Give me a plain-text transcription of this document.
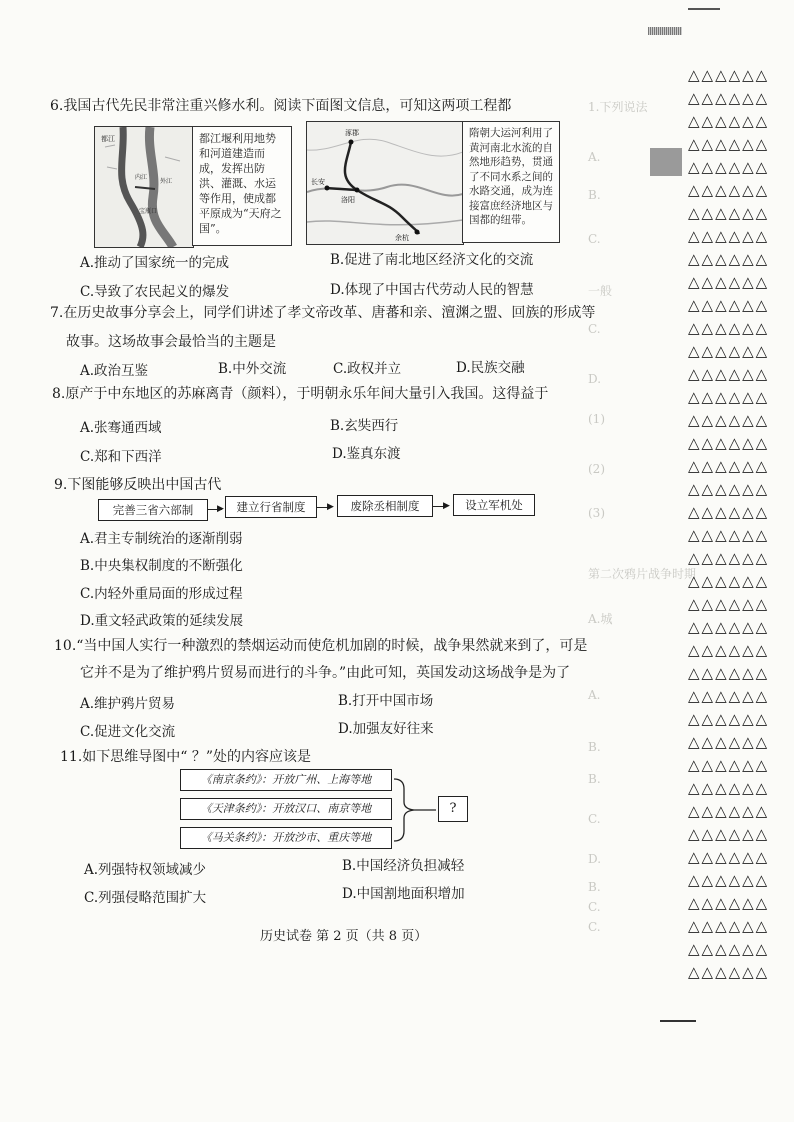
1.下列说法
A.
B.
C.
一般
C.
D.
(1)
(2)
(3)
第二次鸦片战争时期
A.城
A.
B.
B.
C.
D.
B.
C.
C.
△△△△△△
△△△△△△
△△△△△△
△△△△△△
△△△△△△
△△△△△△
△△△△△△
△△△△△△
△△△△△△
△△△△△△
△△△△△△
△△△△△△
△△△△△△
△△△△△△
△△△△△△
△△△△△△
△△△△△△
△△△△△△
△△△△△△
△△△△△△
△△△△△△
△△△△△△
△△△△△△
△△△△△△
△△△△△△
△△△△△△
△△△△△△
△△△△△△
△△△△△△
△△△△△△
△△△△△△
△△△△△△
△△△△△△
△△△△△△
△△△△△△
△△△△△△
△△△△△△
△△△△△△
△△△△△△
△△△△△△
6.我国古代先民非常注重兴修水利。阅读下面图文信息，可知这两项工程都
都江
内江
外江
宝瓶口
都江堰利用地势和河道建造而成，发挥出防洪、灌溉、水运等作用，使成都平原成为“天府之国”。
涿郡
长安
洛阳
余杭
隋朝大运河利用了黄河南北水流的自然地形趋势，贯通了不同水系之间的水路交通，成为连接富庶经济地区与国都的纽带。
A.推动了国家统一的完成	B.促进了南北地区经济文化的交流
C.导致了农民起义的爆发	D.体现了中国古代劳动人民的智慧
7.在历史故事分享会上，同学们讲述了孝文帝改革、唐蕃和亲、澶渊之盟、回族的形成等
故事。这场故事会最恰当的主题是
A.政治互鉴	B.中外交流	C.政权并立	D.民族交融
8.原产于中东地区的苏麻离青（颜料），于明朝永乐年间大量引入我国。这得益于
A.张骞通西域	B.玄奘西行
C.郑和下西洋	D.鉴真东渡
9.下图能够反映出中国古代
完善三省六部制	▶	建立行省制度	▶	废除丞相制度	▶	设立军机处
A.君主专制统治的逐渐削弱
B.中央集权制度的不断强化
C.内轻外重局面的形成过程
D.重文轻武政策的延续发展
10.“当中国人实行一种激烈的禁烟运动而使危机加剧的时候，战争果然就来到了，可是
它并不是为了维护鸦片贸易而进行的斗争。”由此可知，英国发动这场战争是为了
A.维护鸦片贸易	B.打开中国市场
C.促进文化交流	D.加强友好往来
11.如下思维导图中“ ？”处的内容应该是
《南京条约》：开放广州、上海等地
《天津条约》：开放汉口、南京等地
《马关条约》：开放沙市、重庆等地
?
A.列强特权领域减少	B.中国经济负担减轻
C.列强侵略范围扩大	D.中国割地面积增加
历史试卷 第 2 页（共 8 页）
